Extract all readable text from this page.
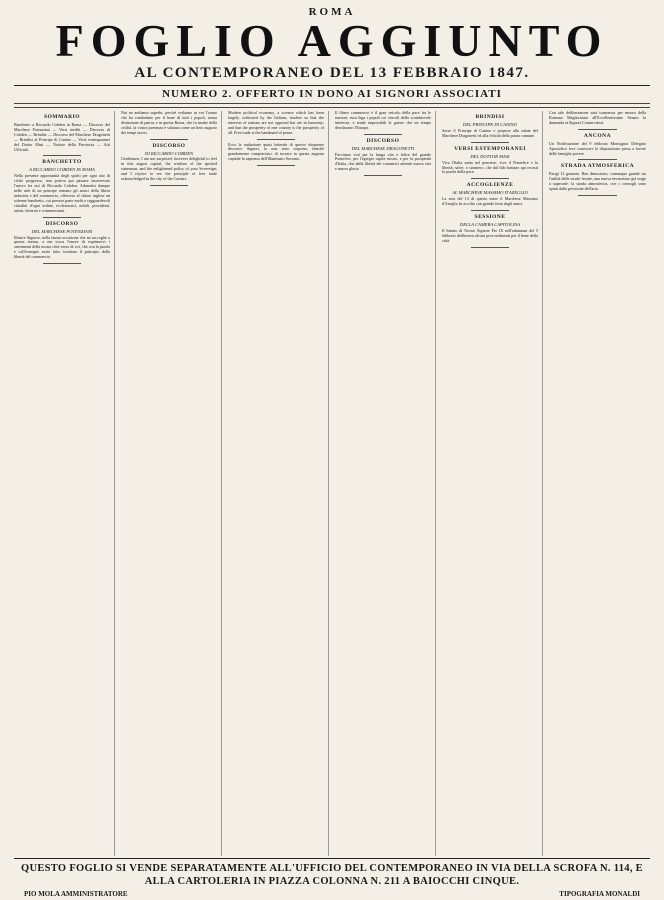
ROMA
FOGLIO AGGIUNTO
AL CONTEMPORANEO DEL 13 FEBBRAIO 1847.
NUMERO 2. OFFERTO IN DONO AI SIGNORI ASSOCIATI
SOMMARIO
Banchetto a Riccardo Cobden in Roma — Discorso del Marchese Potenziani — Versi inediti — Discorso di Cobden — Brindisi — Discorso del Marchese Dragonetti — Brindisi al Principe di Canino — Versi estemporanei del Dottor Masi — Notizie della Provincia — Atti Ufficiali.
BANCHETTO
A RICCARDO COBDEN IN ROMA
Nella presente opportunità degli spiriti per ogni atto di civile progresso, non poteva qui passare inosservato l'arrivo fra noi di Riccardo Cobden. Adunatisi dunque nelle sale di un principe romano gli amici della libera industria e del commercio, offersero al chiaro inglese un solenne banchetto, cui presero parte molti e ragguardevoli cittadini d'ogni ordine, ecclesiastici, nobili, possidenti, artisti, letterati e commercianti.
DISCORSO
DEL MARCHESE POTENZIANI
Illustre Signore, nella fausta occasione che ne raccoglie a questa mensa, a me tocca l'onore di esprimervi i sentimenti della nostra città verso di voi, che con la parola e coll'esempio avete fatto trionfare il principio della libertà del commercio.
Noi ne andiamo superbi, perché vediamo in voi l'uomo che ha combattuto per il bene di tutti i popoli, senza distinzione di patria; e in questa Roma, che fu madre della civiltà, la vostra presenza è salutata come un lieto augurio dei tempi nuovi.
DISCORSO
DI RICCARDO COBDEN
Gentlemen, I am not surprised, however delightful to feel in this august capital, the wisdom of the spirited statesman, and the enlightened policy of your Sovereign; and I rejoice to see the principle of free trade acknowledged in the city of the Caesars.
Modern political economy, a science which has been largely cultivated by the Italians, teaches us that the interests of nations are not opposed but are in harmony; and that the prosperity of one country is the prosperity of all. Free trade is the handmaid of peace.
Ecco la traduzione quasi letterale di questo eloquente discorso: Signori, io non sono sorpreso, benché grandemente compiaciuto, di trovare in questa augusta capitale la sapienza dell'illuminato Sovrano.
Il libero commercio è il gran veicolo della pace fra le nazioni; esso lega i popoli coi vincoli dello scambievole interesse, e rende impossibili le guerre che un tempo desolavano l'Europa.
DISCORSO
DEL MARCHESE DRAGONETTI
Facciamo voti per la lunga vita e felice del grande Pontefice, per l'egregio ospite nostro, e per la prosperità d'Italia, che dalla libertà dei commerci attende nuova vita e nuova gloria.
BRINDISI
DEL PRINCIPE DI CANINO
Sorse il Principe di Canino e propose alla salute del Marchese Dragonetti ed alla felicità della patria comune.
VERSI ESTEMPORANEI
DEL DOTTOR MASI
Viva l'Italia unita nel pensiero, viva il Pontefice e la libertà; salve, o straniero, che dal lido lontano qui recasti la parola della pace.
ACCOGLIENZE
AL MARCHESE MASSIMO D'AZEGLIO
La sera del 13 di questo mese il Marchese Massimo d'Azeglio fu accolto con grande festa dagli amici.
SESSIONE
DELLA CAMERA CAPITOLINA
Il Senato di Nostro Signore Pio IX nell'adunanza del 5 febbraio deliberava alcuni provvedimenti per il bene della città.
Con tale deliberazione sarà trasmessa per mezzo della Romana Magistratura all'Eccellentissimo Senato la domanda ai Signori Conservatori.
ANCONA
Un Notificazione del 9 febbraio Monsignor Delegato Apostolico fece conoscere la disposizione presa a favore delle famiglie povere.
STRADA ATMOSFERICA
Parigi 12 gennaio. Ben dimostrato, comunque grande sia l'utilità delle strade ferrate, una nuova invenzione già sorge a superarle: la strada atmosferica, ove i convogli sono spinti dalla pressione dell'aria.
QUESTO FOGLIO SI VENDE SEPARATAMENTE ALL'UFFICIO DEL CONTEMPORANEO IN VIA DELLA SCROFA N. 114, E ALLA CARTOLERIA IN PIAZZA COLONNA N. 211 A BAIOCCHI CINQUE.
PIO MOLA AMMINISTRATORE	TIPOGRAFIA MONALDI
